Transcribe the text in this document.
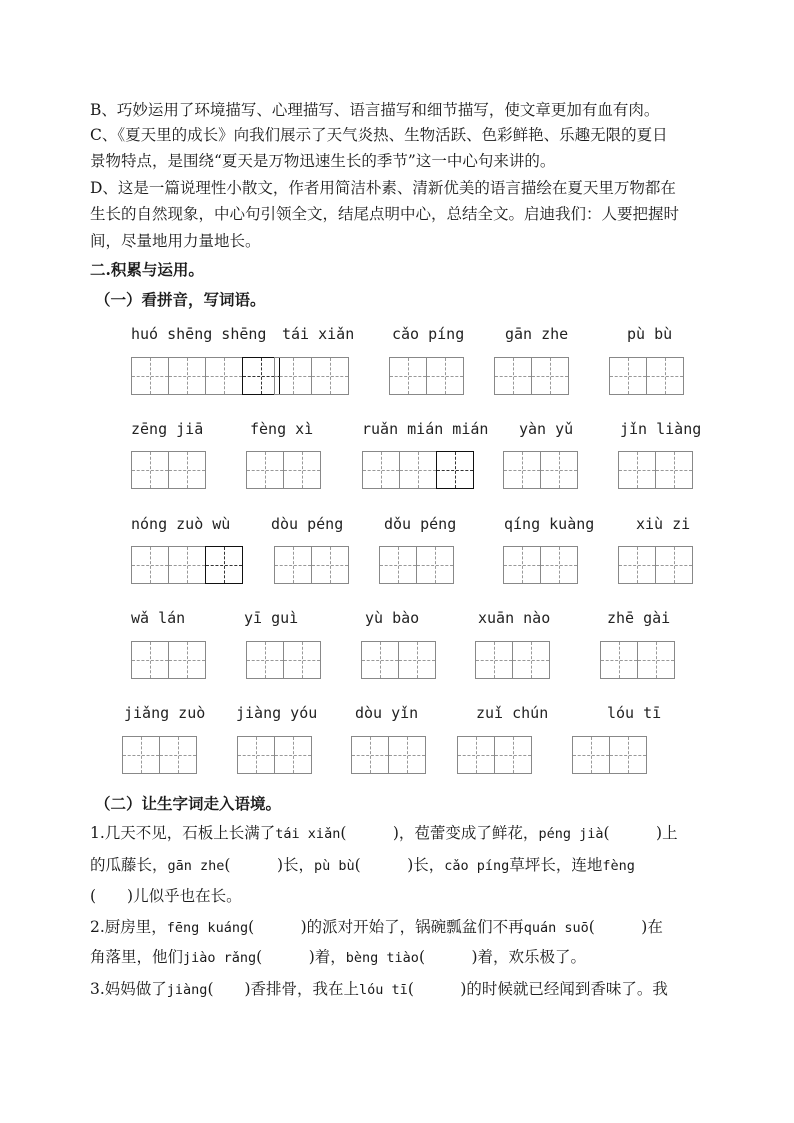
B、巧妙运用了环境描写、心理描写、语言描写和细节描写，使文章更加有血有肉。
C、《夏天里的成长》向我们展示了天气炎热、生物活跃、色彩鲜艳、乐趣无限的夏日
景物特点，是围绕“夏天是万物迅速生长的季节”这一中心句来讲的。
D、这是一篇说理性小散文，作者用简洁朴素、清新优美的语言描绘在夏天里万物都在
生长的自然现象，中心句引领全文，结尾点明中心，总结全文。启迪我们：人要把握时
间，尽量地用力量地长。
二.积累与运用。
（一）看拼音，写词语。
huó shēng shēng tái xiǎn	cǎo píng	gān zhe	pù bù
zēng jiā	fèng xì	ruǎn mián mián yàn yǔ	jǐn liàng
nóng zuò wù	dòu péng	dǒu péng	qíng kuàng	xiù zi
wǎ lán	yī guì	yù bào	xuān nào	zhē gài
jiǎng zuò jiàng yóu	dòu yǐn	zuǐ chún	lóu tī
（二）让生字词走入语境。
1.几天不见，石板上长满了tái xiǎn(　　　)，苞蕾变成了鲜花，péng jià(　　　)上
的瓜藤长，gān zhe(　　　)长，pù bù(　　　)长，cǎo píng草坪长，连地fèng
(　　)儿似乎也在长。
2.厨房里，fēng kuáng(　　　)的派对开始了，锅碗瓢盆们不再quán suō(　　　)在
角落里，他们jiào rǎng(　　　)着，bèng tiào(　　　)着，欢乐极了。
3.妈妈做了jiàng(　　)香排骨，我在上lóu tī(　　　)的时候就已经闻到香味了。我
